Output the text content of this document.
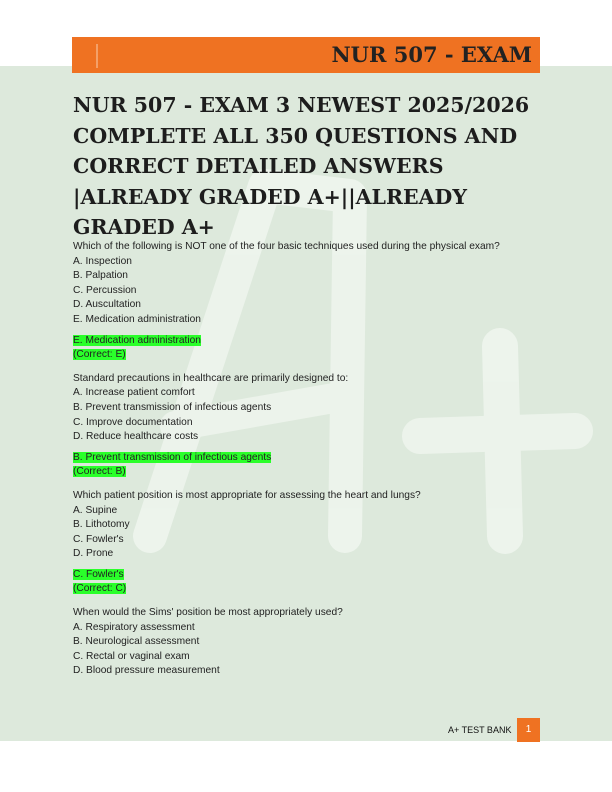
NUR 507 - EXAM
NUR 507 - EXAM 3 NEWEST 2025/2026 COMPLETE ALL 350 QUESTIONS AND CORRECT DETAILED ANSWERS |ALREADY GRADED A+||ALREADY GRADED A+

Which of the following is NOT one of the four basic techniques used during the physical exam?

A. Inspection
B. Palpation
C. Percussion
D. Auscultation
E. Medication administration
E. Medication administration
(Correct: E)

Standard precautions in healthcare are primarily designed to:

A. Increase patient comfort
B. Prevent transmission of infectious agents
C. Improve documentation
D. Reduce healthcare costs
B. Prevent transmission of infectious agents
(Correct: B)

Which patient position is most appropriate for assessing the heart and lungs?

A. Supine
B. Lithotomy
C. Fowler's
D. Prone
C. Fowler's
(Correct: C)

When would the Sims' position be most appropriately used?

A. Respiratory assessment
B. Neurological assessment
C. Rectal or vaginal exam
D. Blood pressure measurement
A+ TEST BANK	1
